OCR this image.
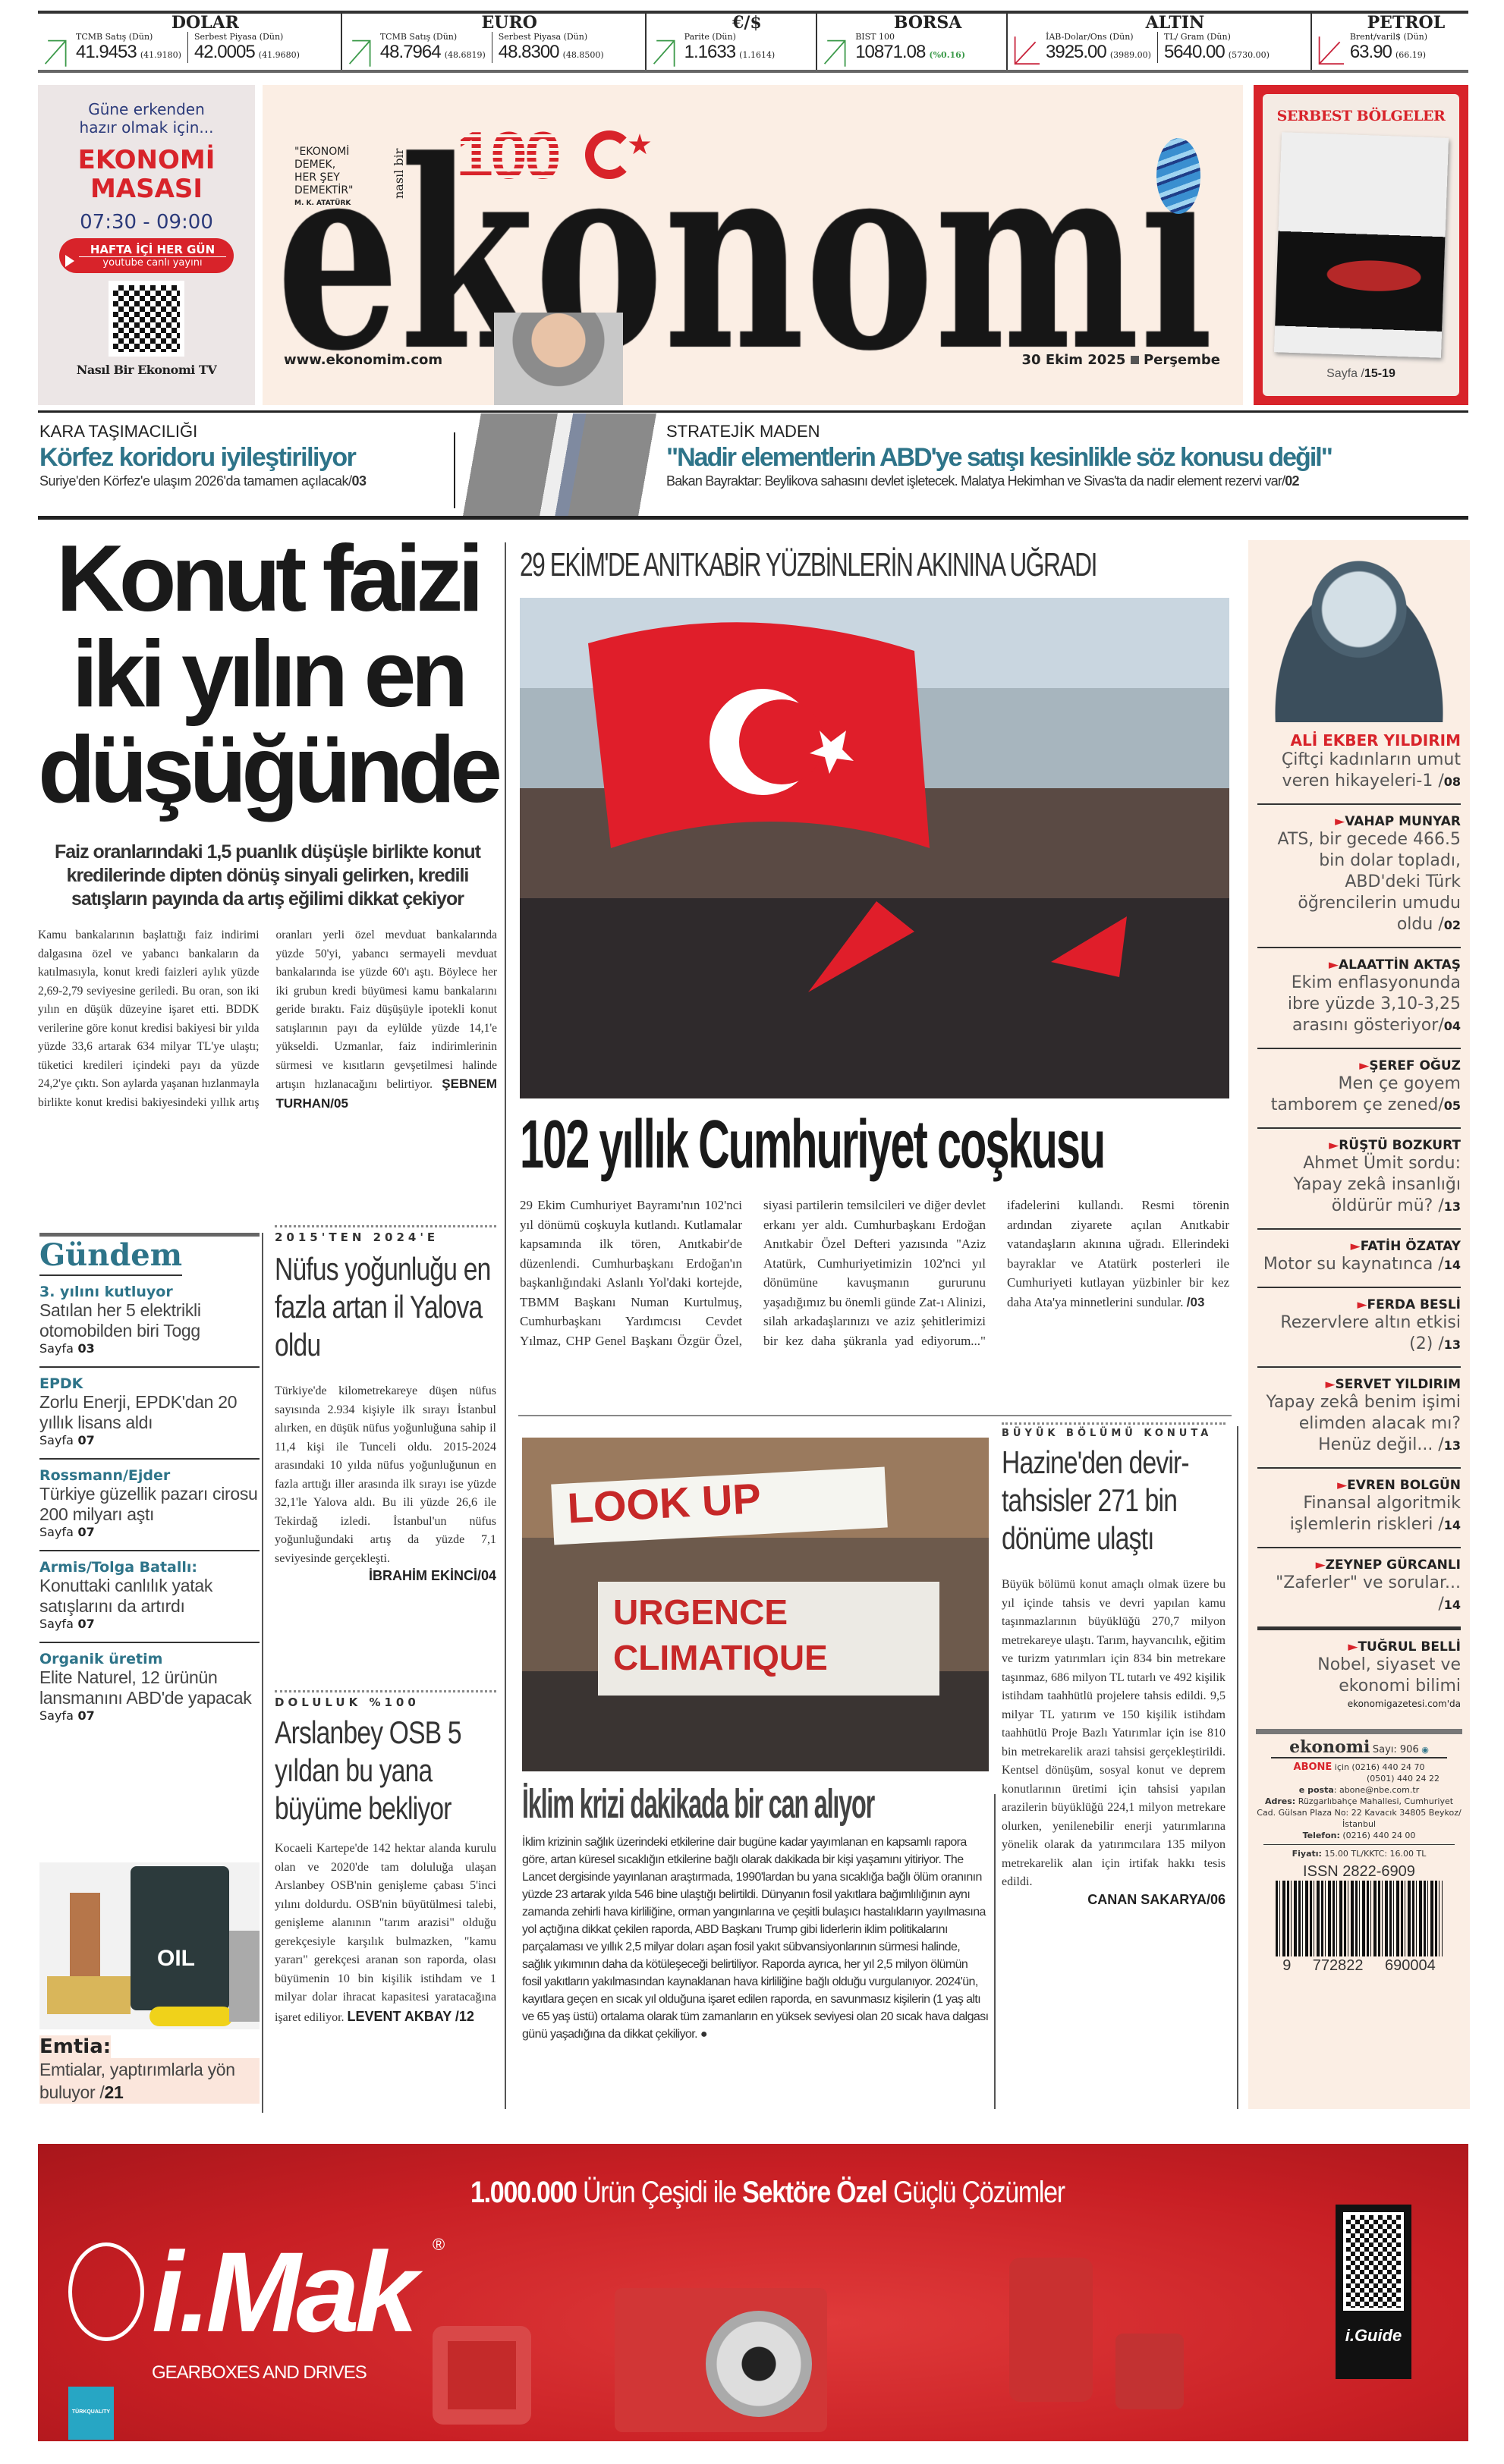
DOLAR
TCMB Satış (Dün)
41.9453 (41.9180)
Serbest Piyasa (Dün)
42.0005 (41.9680)
EURO
TCMB Satış (Dün)
48.7964 (48.6819)
Serbest Piyasa (Dün)
48.8300 (48.8500)
€/$
Parite (Dün)
1.1633 (1.1614)
BORSA
BIST 100
10871.08 (%0.16)
ALTIN
İAB-Dolar/Ons (Dün)
3925.00 (3989.00)
TL/ Gram (Dün)
5640.00 (5730.00)
PETROL
Brent/varil$ (Dün)
63.90 (66.19)
Güne erkenden
hazır olmak için...
EKONOMİ
MASASI
07:30 - 09:00
HAFTA İÇİ HER GÜN
youtube canlı yayını
Nasıl Bir Ekonomi TV
"EKONOMİ
DEMEK,
HER ŞEY
DEMEKTİR"
M. K. ATATÜRK
nasıl bir 100
www.ekonomim.com	30 Ekim 2025 Perşembe
SERBEST BÖLGELER
Sayfa /15-19
KARA TAŞIMACILIĞI
Körfez koridoru iyileştiriliyor
Suriye'den Körfez'e ulaşım 2026'da tamamen açılacak/03
STRATEJİK MADEN
"Nadir elementlerin ABD'ye satışı kesinlikle söz konusu değil"
Bakan Bayraktar: Beylikova sahasını devlet işletecek. Malatya Hekimhan ve Sivas'ta da nadir element rezervi var/02
Konut faizi
iki yılın en
düşüğünde
Faiz oranlarındaki 1,5 puanlık düşüşle birlikte konut kredilerinde dipten dönüş sinyali gelirken, kredili satışların payında da artış eğilimi dikkat çekiyor
Kamu bankalarının başlattığı faiz indirimi dalgasına özel ve yabancı bankaların da katılmasıyla, konut kredi faizleri aylık yüzde 2,69-2,79 seviyesine geriledi. Bu oran, son iki yılın en düşük düzeyine işaret etti. BDDK verilerine göre konut kredisi bakiyesi bir yılda yüzde 33,6 artarak 634 milyar TL'ye ulaştı; tüketici kredileri içindeki payı da yüzde 24,2'ye çıktı. Son aylarda yaşanan hızlanmayla birlikte konut kredisi bakiyesindeki yıllık artış oranları yerli özel mevduat bankalarında yüzde 50'yi, yabancı sermayeli mevduat bankalarında ise yüzde 60'ı aştı. Böylece her iki grubun kredi büyümesi kamu bankalarını geride bıraktı. Faiz düşüşüyle ipotekli konut satışlarının payı da eylülde yüzde 14,1'e yükseldi. Uzmanlar, faiz indirimlerinin sürmesi ve kısıtların gevşetilmesi halinde artışın hızlanacağını belirtiyor. ŞEBNEM TURHAN/05
29 EKİM'DE ANITKABİR YÜZBİNLERİN AKININA UĞRADI
102 yıllık Cumhuriyet coşkusu
29 Ekim Cumhuriyet Bayramı'nın 102'nci yıl dönümü coşkuyla kutlandı. Kutlamalar kapsamında ilk tören, Anıtkabir'de düzenlendi. Cumhurbaşkanı Erdoğan'ın başkanlığındaki Aslanlı Yol'daki kortejde, TBMM Başkanı Numan Kurtulmuş, Cumhurbaşkanı Yardımcısı Cevdet Yılmaz, CHP Genel Başkanı Özgür Özel, siyasi partilerin temsilcileri ve diğer devlet erkanı yer aldı. Cumhurbaşkanı Erdoğan Anıtkabir Özel Defteri yazısında "Aziz Atatürk, Cumhuriyetimizin 102'nci yıl dönümüne kavuşmanın gururunu yaşadığımız bu önemli günde Zat-ı Alinizi, silah arkadaşlarınızı ve aziz şehitlerimizi bir kez daha şükranla yad ediyorum..." ifadelerini kullandı. Resmi törenin ardından ziyarete açılan Anıtkabir vatandaşların akınına uğradı. Ellerindeki bayraklar ve Atatürk posterleri ile Cumhuriyeti kutlayan yüzbinler bir kez daha Ata'ya minnetlerini sundular. /03
Gündem
3. yılını kutluyor
Satılan her 5 elektrikli otomobilden biri Togg
Sayfa 03
EPDK
Zorlu Enerji, EPDK'dan 20 yıllık lisans aldı
Sayfa 07
Rossmann/Ejder
Türkiye güzellik pazarı cirosu 200 milyarı aştı
Sayfa 07
Armis/Tolga Batallı:
Konuttaki canlılık yatak satışlarını da artırdı
Sayfa 07
Organik üretim
Elite Naturel, 12 ürünün lansmanını ABD'de yapacak
Sayfa 07
OIL
Emtia:
Emtialar, yaptırımlarla yön buluyor /21
2015'TEN 2024'E
Nüfus yoğunluğu en fazla artan il Yalova oldu
Türkiye'de kilometrekareye düşen nüfus sayısında 2.934 kişiyle ilk sırayı İstanbul alırken, en düşük nüfus yoğunluğuna sahip il 11,4 kişi ile Tunceli oldu. 2015-2024 arasındaki 10 yılda nüfus yoğunluğunun en fazla arttığı iller arasında ilk sırayı ise yüzde 32,1'le Yalova aldı. Bu ili yüzde 26,6 ile Tekirdağ izledi. İstanbul'un nüfus yoğunluğundaki artış da yüzde 7,1 seviyesinde gerçekleşti.
İBRAHİM EKİNCİ/04
DOLULUK %100
Arslanbey OSB 5 yıldan bu yana büyüme bekliyor
Kocaeli Kartepe'de 142 hektar alanda kurulu olan ve 2020'de tam doluluğa ulaşan Arslanbey OSB'nin genişleme çabası 5'inci yılını doldurdu. OSB'nin büyütülmesi talebi, genişleme alanının "tarım arazisi" olduğu gerekçesiyle karşılık bulmazken, "kamu yararı" gerekçesi aranan son raporda, olası büyümenin 10 bin kişilik istihdam ve 1 milyar dolar ihracat kapasitesi yaratacağına işaret ediliyor. LEVENT AKBAY /12
LOOK UP
URGENCE CLIMATIQUE
İklim krizi dakikada bir can alıyor
İklim krizinin sağlık üzerindeki etkilerine dair bugüne kadar yayımlanan en kapsamlı rapora göre, artan küresel sıcaklığın etkilerine bağlı olarak dakikada bir kişi yaşamını yitiriyor. The Lancet dergisinde yayınlanan araştırmada, 1990'lardan bu yana sıcaklığa bağlı ölüm oranının yüzde 23 artarak yılda 546 bine ulaştığı belirtildi. Dünyanın fosil yakıtlara bağımlılığının aynı zamanda zehirli hava kirliliğine, orman yangınlarına ve çeşitli bulaşıcı hastalıkların yayılmasına yol açtığına dikkat çekilen raporda, ABD Başkanı Trump gibi liderlerin iklim politikalarını parçalaması ve yıllık 2,5 milyar doları aşan fosil yakıt sübvansiyonlarının sürmesi halinde, sağlık yıkımının daha da kötüleşeceği belirtiliyor. Raporda ayrıca, her yıl 2,5 milyon ölümün fosil yakıtların yakılmasından kaynaklanan hava kirliliğine bağlı olduğu vurgulanıyor. 2024'ün, kayıtlara geçen en sıcak yıl olduğuna işaret edilen raporda, en savunmasız kişilerin (1 yaş altı ve 65 yaş üstü) ortalama olarak tüm zamanların en yüksek seviyesi olan 20 sıcak hava dalgası günü yaşadığına da dikkat çekiliyor. ●
BÜYÜK BÖLÜMÜ KONUTA
Hazine'den devir-tahsisler 271 bin dönüme ulaştı
Büyük bölümü konut amaçlı olmak üzere bu yıl içinde tahsis ve devri yapılan kamu taşınmazlarının büyüklüğü 270,7 milyon metrekareye ulaştı. Tarım, hayvancılık, eğitim ve turizm yatırımları için 834 bin metrekare taşınmaz, 686 milyon TL tutarlı ve 492 kişilik istihdam taahhütlü projelere tahsis edildi. 9,5 milyar TL yatırım ve 150 kişilik istihdam taahhütlü Proje Bazlı Yatırımlar için ise 810 bin metrekarelik arazi tahsisi gerçekleştirildi. Kentsel dönüşüm, sosyal konut ve deprem konutlarının üretimi için tahsisi yapılan arazilerin büyüklüğü 224,1 milyon metrekare olurken, yenilenebilir enerji yatırımlarına yönelik olarak da yatırımcılara 135 milyon metrekarelik alan için irtifak hakkı tesis edildi.
CANAN SAKARYA/06
ALİ EKBER YILDIRIM
Çiftçi kadınların umut veren hikayeleri-1 /08
►VAHAP MUNYAR
ATS, bir gecede 466.5 bin dolar topladı, ABD'deki Türk öğrencilerin umudu oldu /02
►ALAATTİN AKTAŞ
Ekim enflasyonunda ibre yüzde 3,10-3,25 arasını gösteriyor/04
►ŞEREF OĞUZ
Men çe goyem tamborem çe zened/05
►RÜŞTÜ BOZKURT
Ahmet Ümit sordu: Yapay zekâ insanlığı öldürür mü? /13
►FATİH ÖZATAY
Motor su kaynatınca /14
►FERDA BESLİ
Rezervlere altın etkisi (2) /13
►SERVET YILDIRIM
Yapay zekâ benim işimi elimden alacak mı? Henüz değil... /13
►EVREN BOLGÜN
Finansal algoritmik işlemlerin riskleri /14
►ZEYNEP GÜRCANLI
"Zaferler" ve sorular... /14
►TUĞRUL BELLİ
Nobel, siyaset ve ekonomi bilimi
ekonomigazetesi.com'da
ekonomi Sayı: 906 ◉
ABONE için (0216) 440 24 70
(0501) 440 24 22
e posta: abone@nbe.com.tr
Adres: Rüzgarlıbahçe Mahallesi, Cumhuriyet Cad. Gülsan Plaza No: 22 Kavacık 34805 Beykoz/ İstanbul
Telefon: (0216) 440 24 00
Fiyatı: 15.00 TL/KKTC: 16.00 TL
ISSN 2822-6909
9 772822 690004
1.000.000 Ürün Çeşidi ile Sektöre Özel Güçlü Çözümler
i.Mak ®
GEARBOXES AND DRIVES
TÜRKQUALITY
i.Guide
